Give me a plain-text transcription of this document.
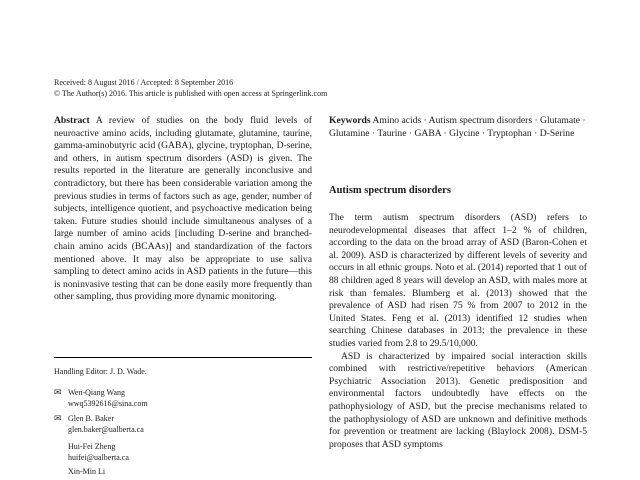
Received: 8 August 2016 / Accepted: 8 September 2016
© The Author(s) 2016. This article is published with open access at Springerlink.com
Abstract A review of studies on the body fluid levels of neuroactive amino acids, including glutamate, glutamine, taurine, gamma-aminobutyric acid (GABA), glycine, tryptophan, D-serine, and others, in autism spectrum disorders (ASD) is given. The results reported in the literature are generally inconclusive and contradictory, but there has been considerable variation among the previous studies in terms of factors such as age, gender, number of subjects, intelligence quotient, and psychoactive medication being taken. Future studies should include simultaneous analyses of a large number of amino acids [including D-serine and branched-chain amino acids (BCAAs)] and standardization of the factors mentioned above. It may also be appropriate to use saliva sampling to detect amino acids in ASD patients in the future—this is noninvasive testing that can be done easily more frequently than other sampling, thus providing more dynamic monitoring.
Keywords Amino acids · Autism spectrum disorders · Glutamate · Glutamine · Taurine · GABA · Glycine · Tryptophan · D-Serine
Autism spectrum disorders

The term autism spectrum disorders (ASD) refers to neurodevelopmental diseases that affect 1–2 % of children, according to the data on the broad array of ASD (Baron-Cohen et al. 2009). ASD is characterized by different levels of severity and occurs in all ethnic groups. Noto et al. (2014) reported that 1 out of 88 children aged 8 years will develop an ASD, with males more at risk than females. Blumberg et al. (2013) showed that the prevalence of ASD had risen 75 % from 2007 to 2012 in the United States. Feng et al. (2013) identified 12 studies when searching Chinese databases in 2013; the prevalence in these studies varied from 2.8 to 29.5/10,000.

ASD is characterized by impaired social interaction skills combined with restrictive/repetitive behaviors (American Psychiatric Association 2013). Genetic predisposition and environmental factors undoubtedly have effects on the pathophysiology of ASD, but the precise mechanisms related to the pathophysiology of ASD are unknown and definitive methods for prevention or treatment are lacking (Blaylock 2008). DSM-5 proposes that ASD symptoms

Handling Editor: J. D. Wade.
✉ Wen-Qiang Wang
wwq5392616@sina.com
✉ Glen B. Baker
glen.baker@ualberta.ca
Hui-Fei Zheng
huifei@ualberta.ca
Xin-Min Li
